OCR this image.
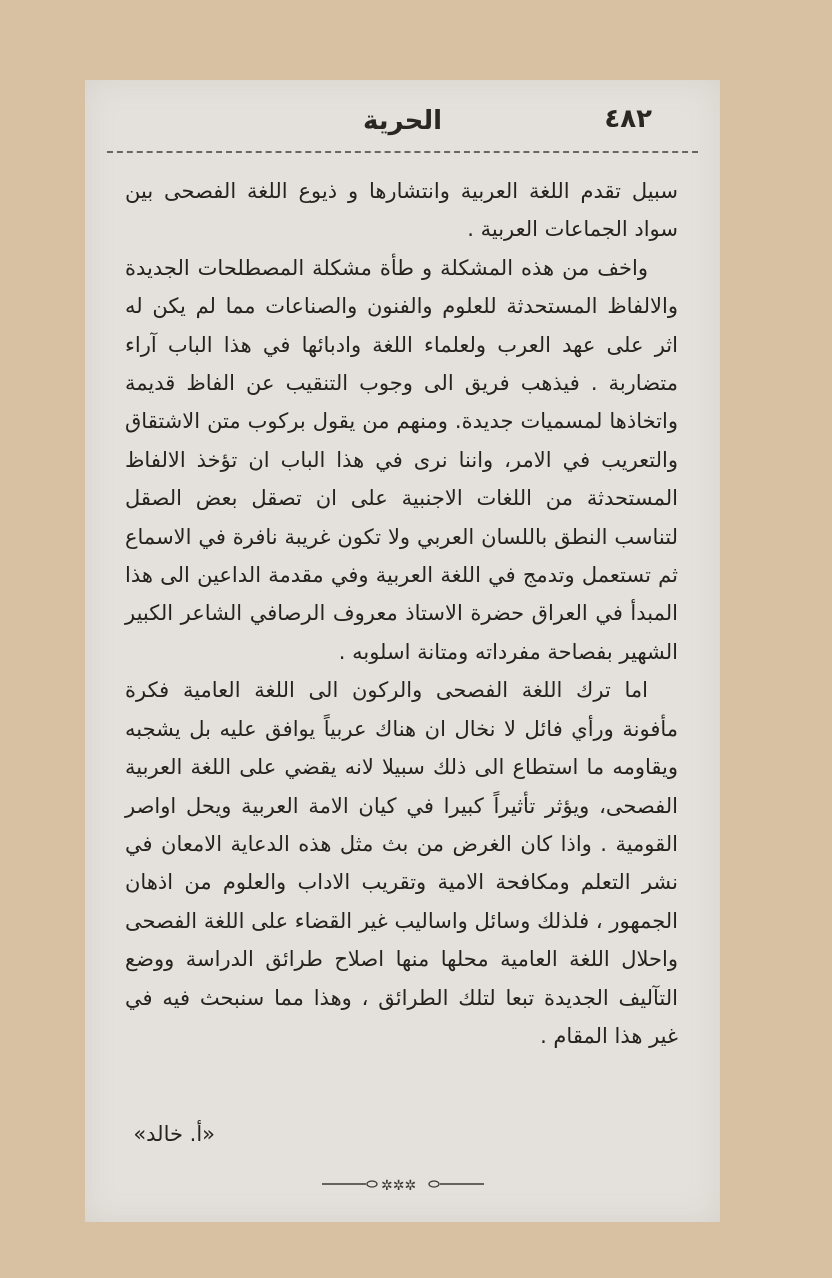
٤٨٢
الحرية

سبيل تقدم اللغة العربية وانتشارها و ذيوع اللغة الفصحى بين سواد الجماعات العربية .

واخف من هذه المشكلة و طأة مشكلة المصطلحات الجديدة والالفاظ المستحدثة للعلوم والفنون والصناعات مما لم يكن له اثر على عهد العرب ولعلماء اللغة وادبائها في هذا الباب آراء متضاربة . فيذهب فريق الى وجوب التنقيب عن الفاظ قديمة واتخاذها لمسميات جديدة. ومنهم من يقول بركوب متن الاشتقاق والتعريب في الامر، واننا نرى في هذا الباب ان تؤخذ الالفاظ المستحدثة من اللغات الاجنبية على ان تصقل بعض الصقل لتناسب النطق باللسان العربي ولا تكون غريبة نافرة في الاسماع ثم تستعمل وتدمج في اللغة العربية وفي مقدمة الداعين الى هذا المبدأ في العراق حضرة الاستاذ معروف الرصافي الشاعر الكبير الشهير بفصاحة مفرداته ومتانة اسلوبه .

اما ترك اللغة الفصحى والركون الى اللغة العامية فكرة مأفونة ورأي فائل لا نخال ان هناك عربياً يوافق عليه بل يشجبه ويقاومه ما استطاع الى ذلك سبيلا لانه يقضي على اللغة العربية الفصحى، ويؤثر تأثيراً كبيرا في كيان الامة العربية ويحل اواصر القومية . واذا كان الغرض من بث مثل هذه الدعاية الامعان في نشر التعلم ومكافحة الامية وتقريب الاداب والعلوم من اذهان الجمهور ، فلذلك وسائل واساليب غير القضاء على اللغة الفصحى واحلال اللغة العامية محلها منها اصلاح طرائق الدراسة ووضع التآليف الجديدة تبعا لتلك الطرائق ، وهذا مما سنبحث فيه في غير هذا المقام .

«أ. خالد»
✲✲✲
